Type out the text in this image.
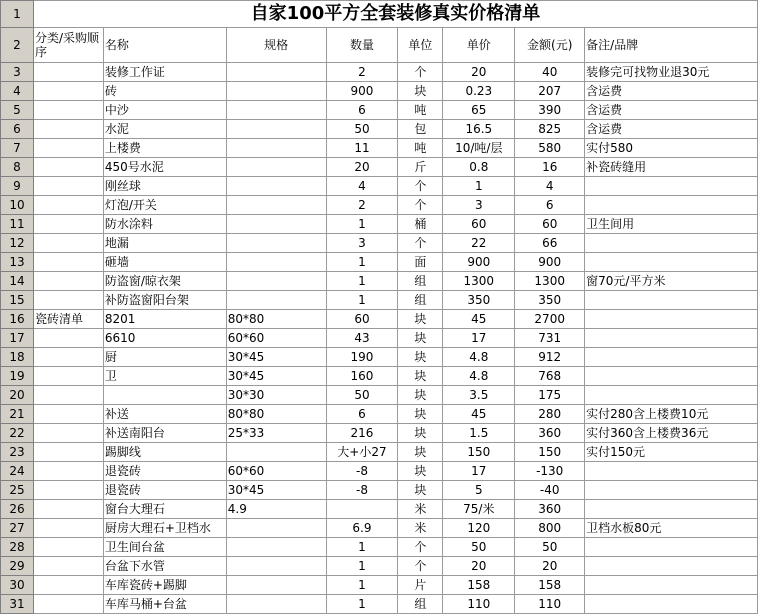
1	自家100平方全套装修真实价格清单							
2	分类/采购顺序	名称	规格	数量	单位	单价	金额(元)	备注/品牌
3		装修工作证		2	个	20	40	装修完可找物业退30元
4		砖		900	块	0.23	207	含运费
5		中沙		6	吨	65	390	含运费
6		水泥		50	包	16.5	825	含运费
7		上楼费		11	吨	10/吨/层	580	实付580
8		450号水泥		20	斤	0.8	16	补瓷砖缝用
9		刚丝球		4	个	1	4	
10		灯泡/开关		2	个	3	6	
11		防水涂料		1	桶	60	60	卫生间用
12		地漏		3	个	22	66	
13		砸墙		1	面	900	900	
14		防盗窗/晾衣架		1	组	1300	1300	窗70元/平方米
15		补防盗窗阳台架		1	组	350	350	
16	瓷砖清单	8201	80*80	60	块	45	2700	
17		6610	60*60	43	块	17	731	
18		厨	30*45	190	块	4.8	912	
19		卫	30*45	160	块	4.8	768	
20			30*30	50	块	3.5	175	
21		补送	80*80	6	块	45	280	实付280含上楼费10元
22		补送南阳台	25*33	216	块	1.5	360	实付360含上楼费36元
23		踢脚线		大+小27	块	150	150	实付150元
24		退瓷砖	60*60	-8	块	17	-130	
25		退瓷砖	30*45	-8	块	5	-40	
26		窗台大理石	4.9		米	75/米	360	
27		厨房大理石+卫档水		6.9	米	120	800	卫档水板80元
28		卫生间台盆		1	个	50	50	
29		台盆下水管		1	个	20	20	
30		车库瓷砖+踢脚		1	片	158	158	
31		车库马桶+台盆		1	组	110	110	
